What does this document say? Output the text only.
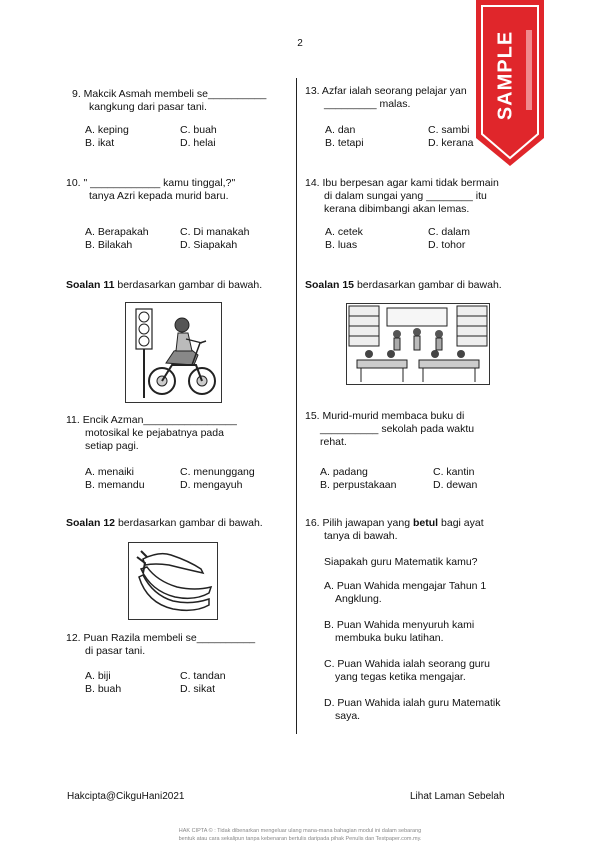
2
9. Makcik Asmah membeli se__________
kangkung dari pasar tani.
A. keping
B. ikat
C. buah
D. helai
10. " ____________ kamu tinggal,?"
tanya Azri kepada murid baru.
A. Berapakah
B. Bilakah
C. Di manakah
D. Siapakah
Soalan 11 berdasarkan gambar di bawah.
11. Encik Azman________________
motosikal ke pejabatnya pada
setiap pagi.
A. menaiki
B. memandu
C. menunggang
D. mengayuh
Soalan 12 berdasarkan gambar di bawah.
12. Puan Razila membeli se__________
di pasar tani.
A. biji
B. buah
C. tandan
D. sikat
13. Azfar ialah seorang pelajar yan
_________ malas.
A. dan
B. tetapi
C. sambi
D. kerana
14. Ibu berpesan agar kami tidak bermain
di dalam sungai yang ________ itu
kerana dibimbangi akan lemas.
A. cetek
B. luas
C. dalam
D. tohor
Soalan 15 berdasarkan gambar di bawah.
15. Murid-murid membaca buku di
__________ sekolah pada waktu
rehat.
A. padang
B. perpustakaan
C. kantin
D. dewan
16. Pilih jawapan yang betul bagi ayat
tanya di bawah.
Siapakah guru Matematik kamu?
A. Puan Wahida mengajar Tahun 1
Angklung.
B. Puan Wahida menyuruh kami
membuka buku latihan.
C. Puan Wahida ialah seorang guru
yang tegas ketika mengajar.
D. Puan Wahida ialah guru Matematik
saya.
SAMPLE
Hakcipta@CikguHani2021	Lihat Laman Sebelah
HAK CIPTA © : Tidak dibenarkan mengeluar ulang mana-mana bahagian modul ini dalam sebarang
bentuk atau cara sekalipun tanpa kebenaran bertulis daripada pihak Penulis dan Testpaper.com.my.
